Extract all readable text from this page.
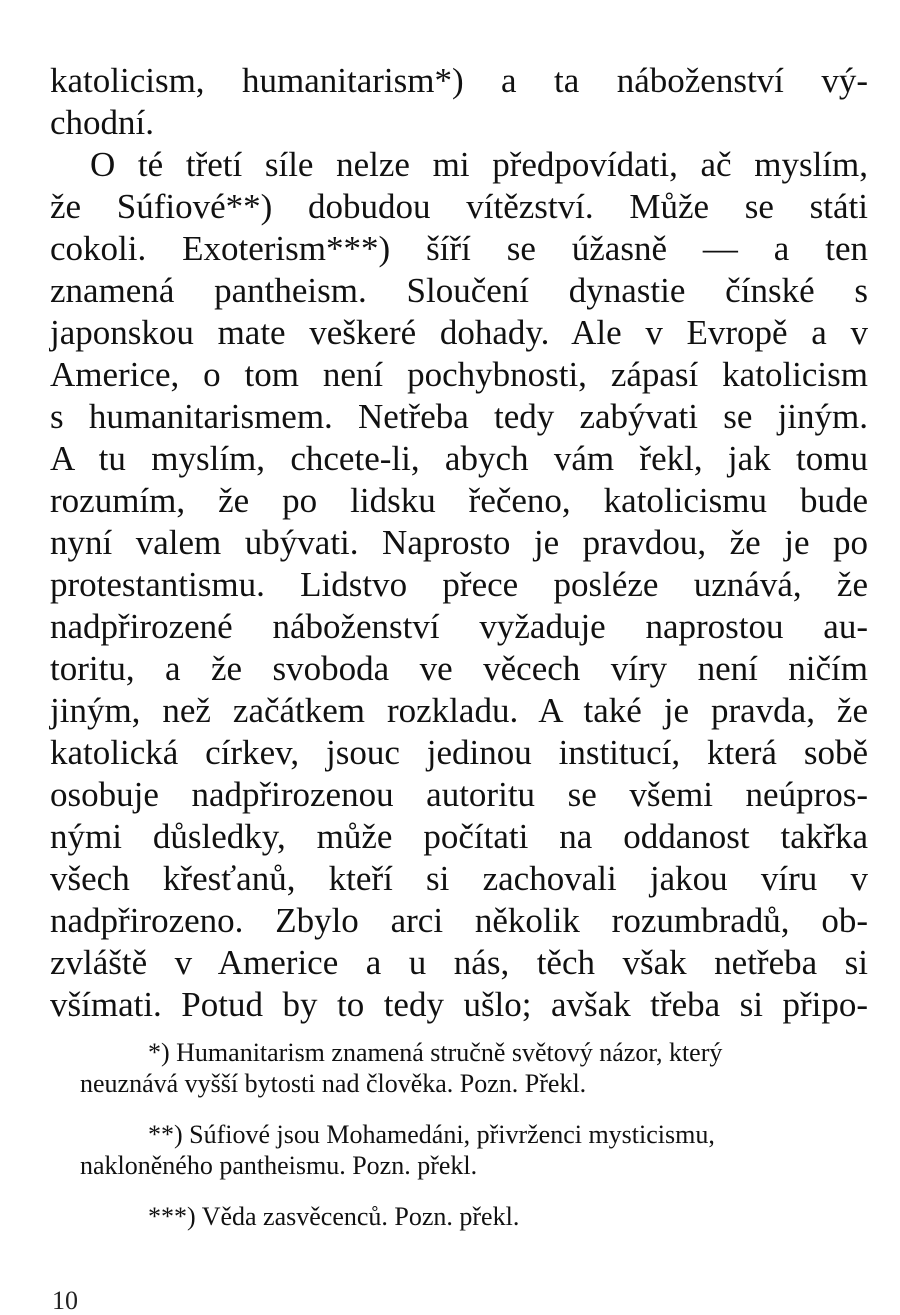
katolicism, humanitarism*) a ta náboženství vý-
chodní.
O té třetí síle nelze mi předpovídati, ač myslím,
že Súfiové**) dobudou vítězství. Může se státi
cokoli. Exoterism***) šíří se úžasně — a ten
znamená pantheism. Sloučení dynastie čínské s
japonskou mate veškeré dohady. Ale v Evropě a v
Americe, o tom není pochybnosti, zápasí katolicism
s humanitarismem. Netřeba tedy zabývati se jiným.
A tu myslím, chcete-li, abych vám řekl, jak tomu
rozumím, že po lidsku řečeno, katolicismu bude
nyní valem ubývati. Naprosto je pravdou, že je po
protestantismu. Lidstvo přece posléze uznává, že
nadpřirozené náboženství vyžaduje naprostou au-
toritu, a že svoboda ve věcech víry není ničím
jiným, než začátkem rozkladu. A také je pravda, že
katolická církev, jsouc jedinou institucí, která sobě
osobuje nadpřirozenou autoritu se všemi neúpros-
nými důsledky, může počítati na oddanost takřka
všech křesťanů, kteří si zachovali jakou víru v
nadpřirozeno. Zbylo arci několik rozumbradů, ob-
zvláště v Americe a u nás, těch však netřeba si
všímati. Potud by to tedy ušlo; avšak třeba si připo-
*) Humanitarism znamená stručně světový názor, který
neuznává vyšší bytosti nad člověka. Pozn. Překl.
**) Súfiové jsou Mohamedáni, přivrženci mysticismu,
nakloněného pantheismu. Pozn. překl.
***) Věda zasvěcenců. Pozn. překl.
10
